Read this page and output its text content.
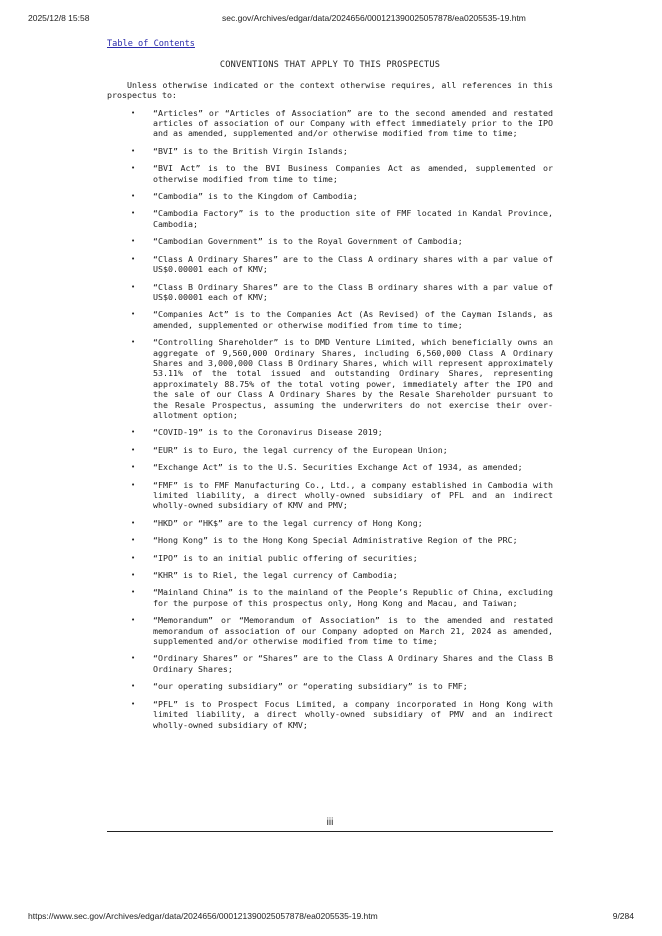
2025/12/8 15:58	sec.gov/Archives/edgar/data/2024656/000121390025057878/ea0205535-19.htm
Table of Contents
CONVENTIONS THAT APPLY TO THIS PROSPECTUS
Unless otherwise indicated or the context otherwise requires, all references in this prospectus to:
• “Articles” or “Articles of Association” are to the second amended and restated articles of association of our Company with effect immediately prior to the IPO and as amended, supplemented and/or otherwise modified from time to time;
• “BVI” is to the British Virgin Islands;
• “BVI Act” is to the BVI Business Companies Act as amended, supplemented or otherwise modified from time to time;
• “Cambodia” is to the Kingdom of Cambodia;
• “Cambodia Factory” is to the production site of FMF located in Kandal Province, Cambodia;
• “Cambodian Government” is to the Royal Government of Cambodia;
• “Class A Ordinary Shares” are to the Class A ordinary shares with a par value of US$0.00001 each of KMV;
• “Class B Ordinary Shares” are to the Class B ordinary shares with a par value of US$0.00001 each of KMV;
• “Companies Act” is to the Companies Act (As Revised) of the Cayman Islands, as amended, supplemented or otherwise modified from time to time;
• “Controlling Shareholder” is to DMD Venture Limited, which beneficially owns an aggregate of 9,560,000 Ordinary Shares, including 6,560,000 Class A Ordinary Shares and 3,000,000 Class B Ordinary Shares, which will represent approximately 53.11% of the total issued and outstanding Ordinary Shares, representing approximately 88.75% of the total voting power, immediately after the IPO and the sale of our Class A Ordinary Shares by the Resale Shareholder pursuant to the Resale Prospectus, assuming the underwriters do not exercise their over-allotment option;
• “COVID-19” is to the Coronavirus Disease 2019;
• “EUR” is to Euro, the legal currency of the European Union;
• “Exchange Act” is to the U.S. Securities Exchange Act of 1934, as amended;
• “FMF” is to FMF Manufacturing Co., Ltd., a company established in Cambodia with limited liability, a direct wholly-owned subsidiary of PFL and an indirect wholly-owned subsidiary of KMV and PMV;
• “HKD” or “HK$” are to the legal currency of Hong Kong;
• “Hong Kong” is to the Hong Kong Special Administrative Region of the PRC;
• “IPO” is to an initial public offering of securities;
• “KHR” is to Riel, the legal currency of Cambodia;
• “Mainland China” is to the mainland of the People’s Republic of China, excluding for the purpose of this prospectus only, Hong Kong and Macau, and Taiwan;
• “Memorandum” or “Memorandum of Association” is to the amended and restated memorandum of association of our Company adopted on March 21, 2024 as amended, supplemented and/or otherwise modified from time to time;
• “Ordinary Shares” or “Shares” are to the Class A Ordinary Shares and the Class B Ordinary Shares;
• “our operating subsidiary” or “operating subsidiary” is to FMF;
• “PFL” is to Prospect Focus Limited, a company incorporated in Hong Kong with limited liability, a direct wholly-owned subsidiary of PMV and an indirect wholly-owned subsidiary of KMV;
iii
https://www.sec.gov/Archives/edgar/data/2024656/000121390025057878/ea0205535-19.htm	9/284
